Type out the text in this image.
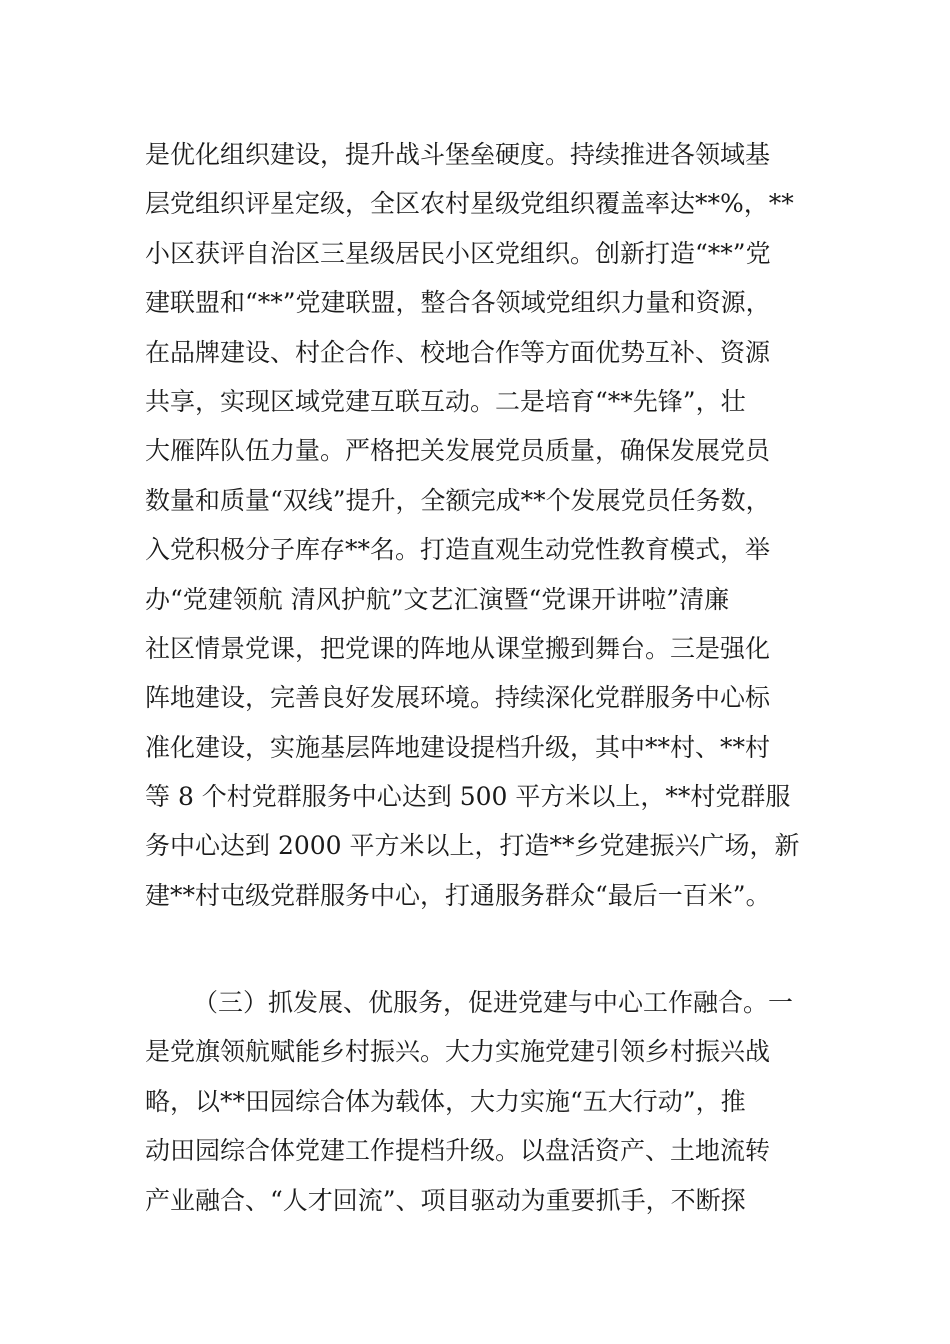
是优化组织建设，提升战斗堡垒硬度。持续推进各领域基
层党组织评星定级，全区农村星级党组织覆盖率达**%，**
小区获评自治区三星级居民小区党组织。创新打造“**”党
建联盟和“**”党建联盟，整合各领域党组织力量和资源，
在品牌建设、村企合作、校地合作等方面优势互补、资源
共享，实现区域党建互联互动。二是培育“**先锋”，壮
大雁阵队伍力量。严格把关发展党员质量，确保发展党员
数量和质量“双线”提升，全额完成**个发展党员任务数，
入党积极分子库存**名。打造直观生动党性教育模式，举
办“党建领航 清风护航”文艺汇演暨“党课开讲啦”清廉
社区情景党课，把党课的阵地从课堂搬到舞台。三是强化
阵地建设，完善良好发展环境。持续深化党群服务中心标
准化建设，实施基层阵地建设提档升级，其中**村、**村
等 8 个村党群服务中心达到 500 平方米以上，**村党群服
务中心达到 2000 平方米以上，打造**乡党建振兴广场，新
建**村屯级党群服务中心，打通服务群众“最后一百米”。
（三）抓发展、优服务，促进党建与中心工作融合。一
是党旗领航赋能乡村振兴。大力实施党建引领乡村振兴战
略，以**田园综合体为载体，大力实施“五大行动”，推
动田园综合体党建工作提档升级。以盘活资产、土地流转
产业融合、“人才回流”、项目驱动为重要抓手，不断探
